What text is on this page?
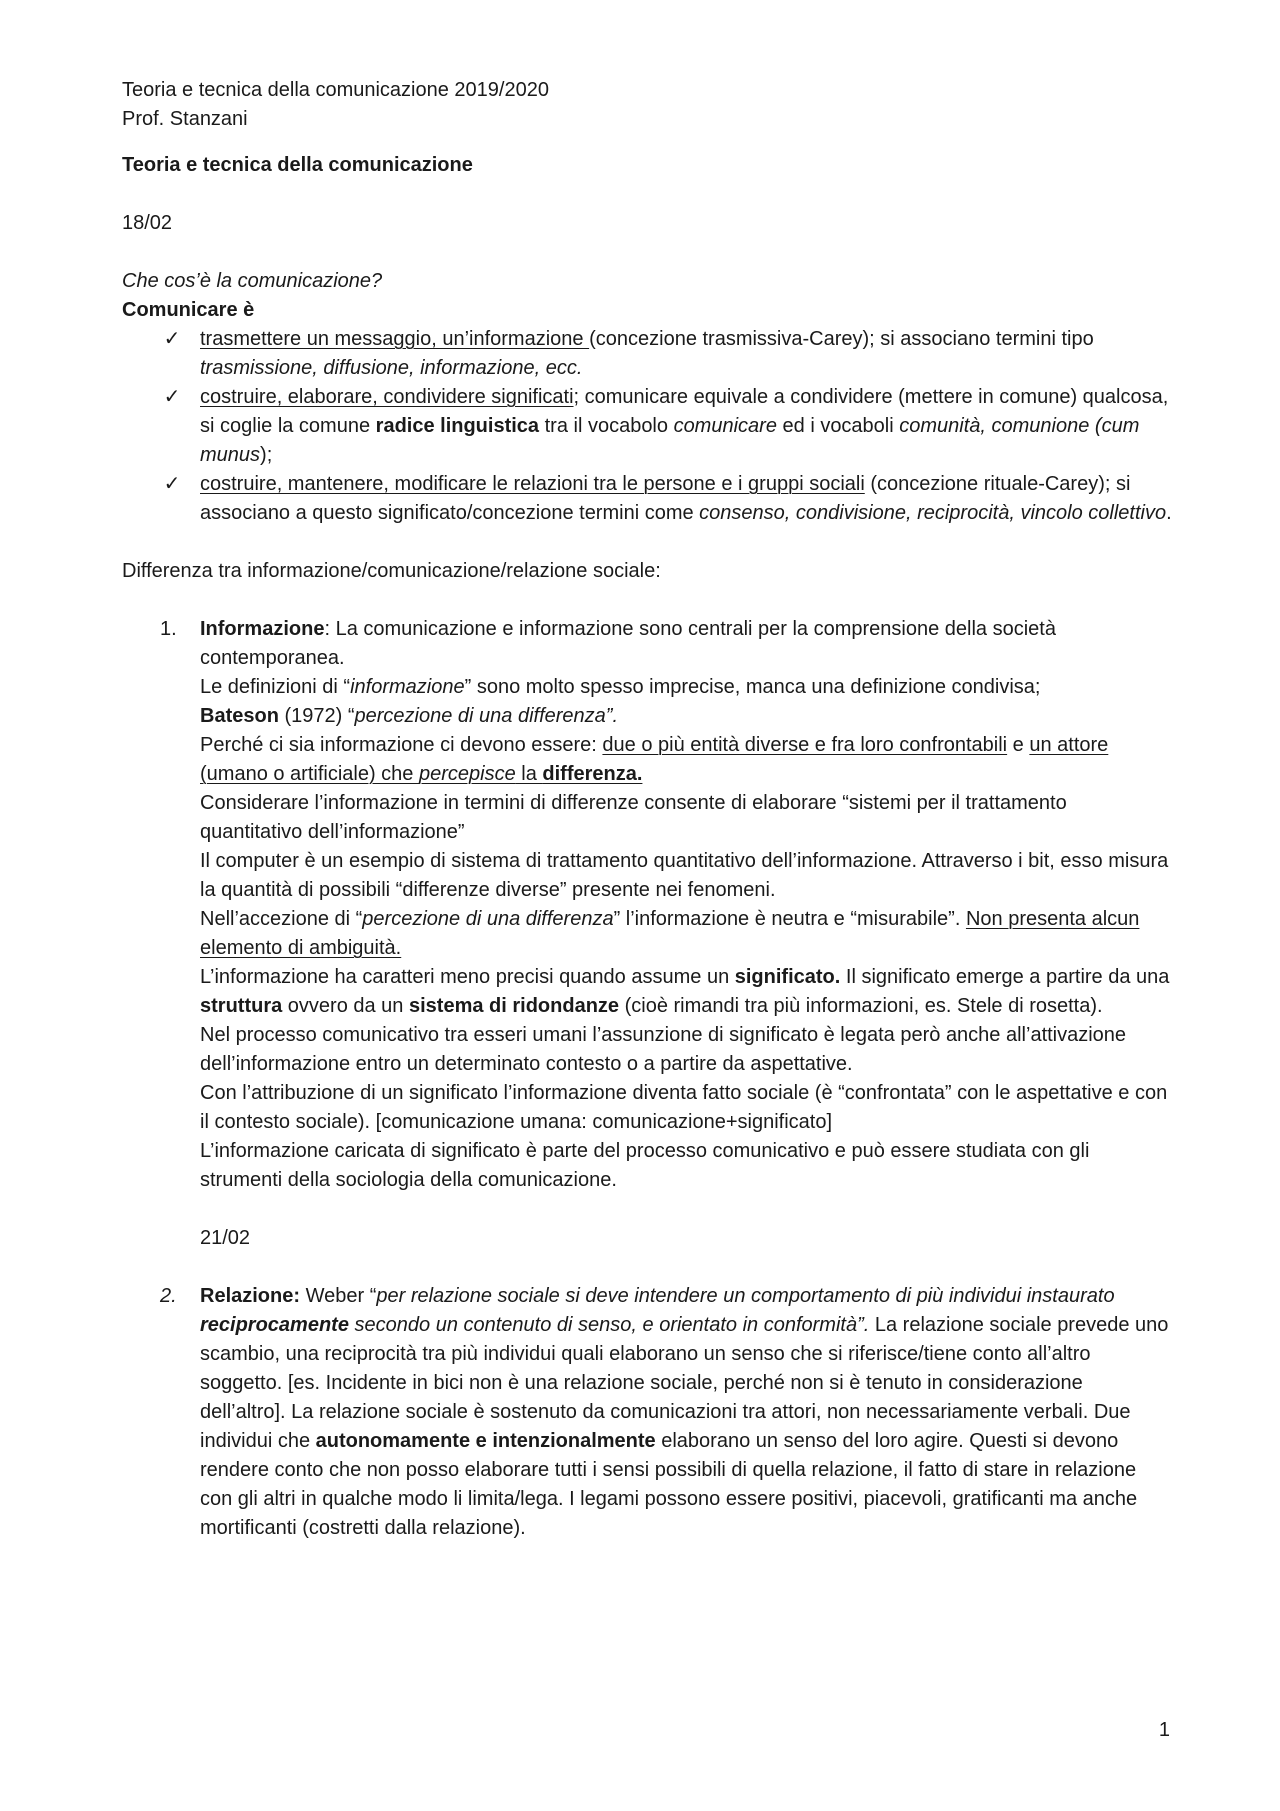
Teoria e tecnica della comunicazione 2019/2020

Prof. Stanzani

Teoria e tecnica della comunicazione

18/02

Che cos’è la comunicazione?

Comunicare è

✓ trasmettere un messaggio, un’informazione (concezione trasmissiva-Carey); si associano termini tipo trasmissione, diffusione, informazione, ecc.
✓ costruire, elaborare, condividere significati; comunicare equivale a condividere (mettere in comune) qualcosa, si coglie la comune radice linguistica tra il vocabolo comunicare ed i vocaboli comunità, comunione (cum munus);
✓ costruire, mantenere, modificare le relazioni tra le persone e i gruppi sociali (concezione rituale-Carey); si associano a questo significato/concezione termini come consenso, condivisione, reciprocità, vincolo collettivo.

Differenza tra informazione/comunicazione/relazione sociale:

1. Informazione: La comunicazione e informazione sono centrali per la comprensione della società contemporanea.

Le definizioni di “informazione” sono molto spesso imprecise, manca una definizione condivisa;

Bateson (1972) “percezione di una differenza”.

Perché ci sia informazione ci devono essere: due o più entità diverse e fra loro confrontabili e un attore (umano o artificiale) che percepisce la differenza.

Considerare l’informazione in termini di differenze consente di elaborare “sistemi per il trattamento quantitativo dell’informazione”

Il computer è un esempio di sistema di trattamento quantitativo dell’informazione. Attraverso i bit, esso misura la quantità di possibili “differenze diverse” presente nei fenomeni.

Nell’accezione di “percezione di una differenza” l’informazione è neutra e “misurabile”. Non presenta alcun elemento di ambiguità.

L’informazione ha caratteri meno precisi quando assume un significato. Il significato emerge a partire da una struttura ovvero da un sistema di ridondanze (cioè rimandi tra più informazioni, es. Stele di rosetta).

Nel processo comunicativo tra esseri umani l’assunzione di significato è legata però anche all’attivazione dell’informazione entro un determinato contesto o a partire da aspettative.

Con l’attribuzione di un significato l’informazione diventa fatto sociale (è “confrontata” con le aspettative e con il contesto sociale). [comunicazione umana: comunicazione+significato]

L’informazione caricata di significato è parte del processo comunicativo e può essere studiata con gli strumenti della sociologia della comunicazione.

21/02

2. Relazione: Weber “per relazione sociale si deve intendere un comportamento di più individui instaurato reciprocamente secondo un contenuto di senso, e orientato in conformità”. La relazione sociale prevede uno scambio, una reciprocità tra più individui quali elaborano un senso che si riferisce/tiene conto all’altro soggetto. [es. Incidente in bici non è una relazione sociale, perché non si è tenuto in considerazione dell’altro]. La relazione sociale è sostenuto da comunicazioni tra attori, non necessariamente verbali. Due individui che autonomamente e intenzionalmente elaborano un senso del loro agire. Questi si devono rendere conto che non posso elaborare tutti i sensi possibili di quella relazione, il fatto di stare in relazione con gli altri in qualche modo li limita/lega. I legami possono essere positivi, piacevoli, gratificanti ma anche mortificanti (costretti dalla relazione).

1
